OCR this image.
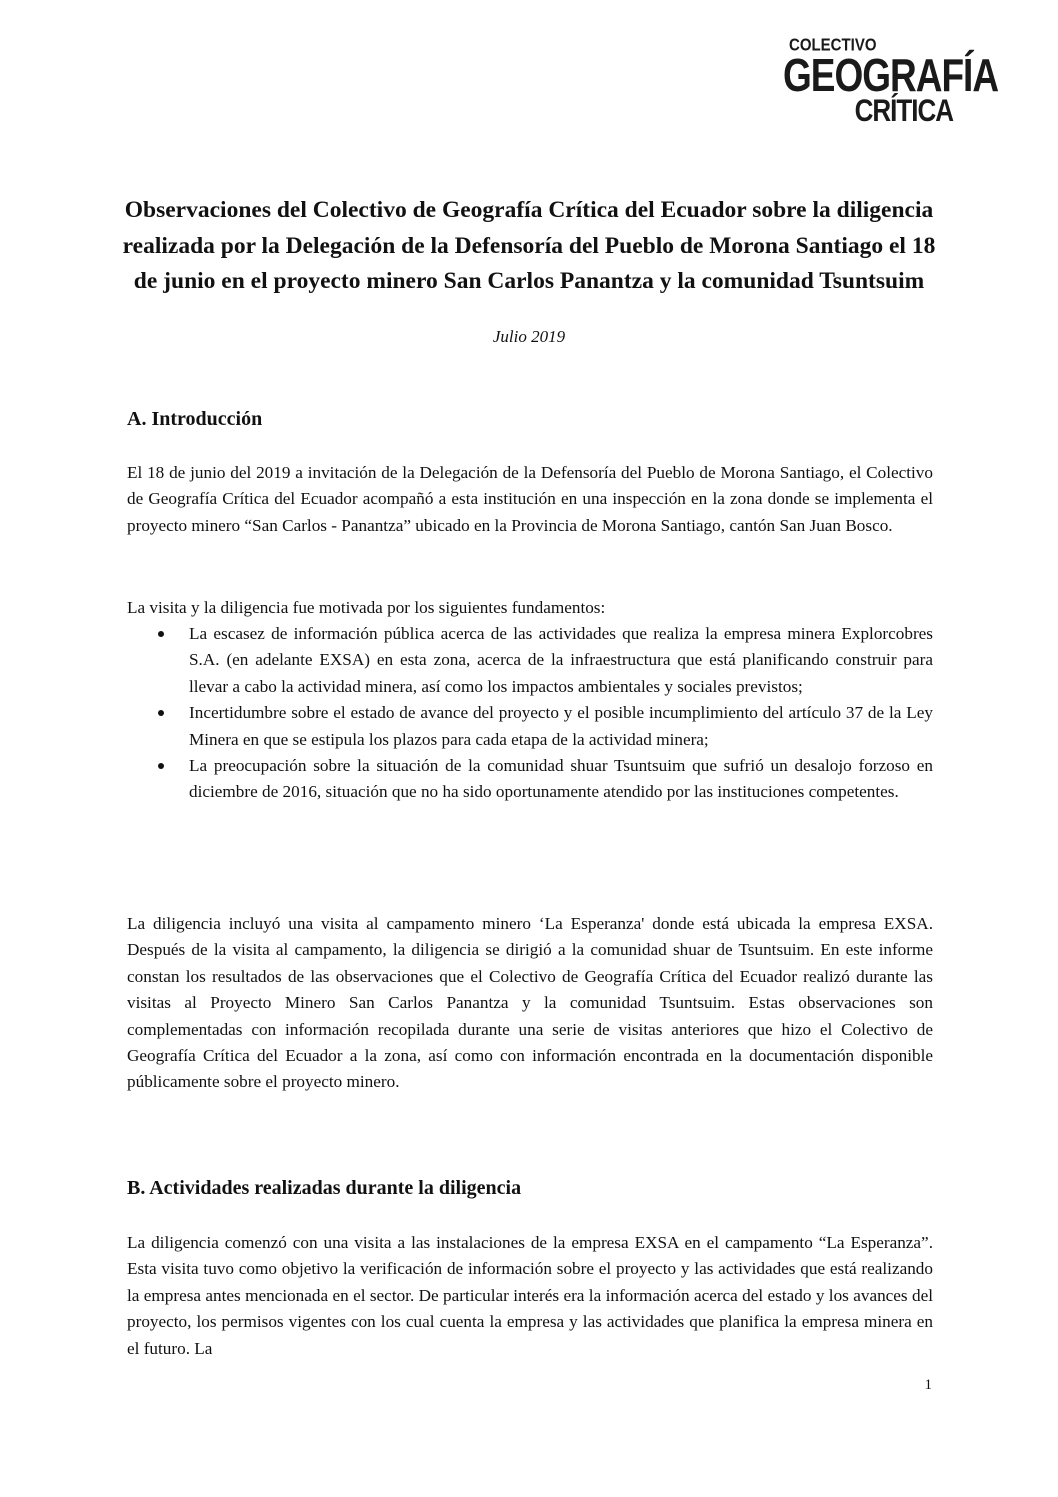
COLECTIVO
GEOGRAFÍA
CRÍTICA
Observaciones del Colectivo de Geografía Crítica del Ecuador sobre la diligencia realizada por la Delegación de la Defensoría del Pueblo de Morona Santiago el 18 de junio en el proyecto minero San Carlos Panantza y la comunidad Tsuntsuim
Julio 2019
A. Introducción

El 18 de junio del 2019 a invitación de la Delegación de la Defensoría del Pueblo de Morona Santiago, el Colectivo de Geografía Crítica del Ecuador acompañó a esta institución en una inspección en la zona donde se implementa el proyecto minero “San Carlos - Panantza” ubicado en la Provincia de Morona Santiago, cantón San Juan Bosco.

La visita y la diligencia fue motivada por los siguientes fundamentos:

La escasez de información pública acerca de las actividades que realiza la empresa minera Explorcobres S.A. (en adelante EXSA) en esta zona, acerca de la infraestructura que está planificando construir para llevar a cabo la actividad minera, así como los impactos ambientales y sociales previstos;
Incertidumbre sobre el estado de avance del proyecto y el posible incumplimiento del artículo 37 de la Ley Minera en que se estipula los plazos para cada etapa de la actividad minera;
La preocupación sobre la situación de la comunidad shuar Tsuntsuim que sufrió un desalojo forzoso en diciembre de 2016, situación que no ha sido oportunamente atendido por las instituciones competentes.

La diligencia incluyó una visita al campamento minero ‘La Esperanza' donde está ubicada la empresa EXSA. Después de la visita al campamento, la diligencia se dirigió a la comunidad shuar de Tsuntsuim. En este informe constan los resultados de las observaciones que el Colectivo de Geografía Crítica del Ecuador realizó durante las visitas al Proyecto Minero San Carlos Panantza y la comunidad Tsuntsuim. Estas observaciones son complementadas con información recopilada durante una serie de visitas anteriores que hizo el Colectivo de Geografía Crítica del Ecuador a la zona, así como con información encontrada en la documentación disponible públicamente sobre el proyecto minero.

B. Actividades realizadas durante la diligencia

La diligencia comenzó con una visita a las instalaciones de la empresa EXSA en el campamento “La Esperanza”. Esta visita tuvo como objetivo la verificación de información sobre el proyecto y las actividades que está realizando la empresa antes mencionada en el sector. De particular interés era la información acerca del estado y los avances del proyecto, los permisos vigentes con los cual cuenta la empresa y las actividades que planifica la empresa minera en el futuro. La

1
